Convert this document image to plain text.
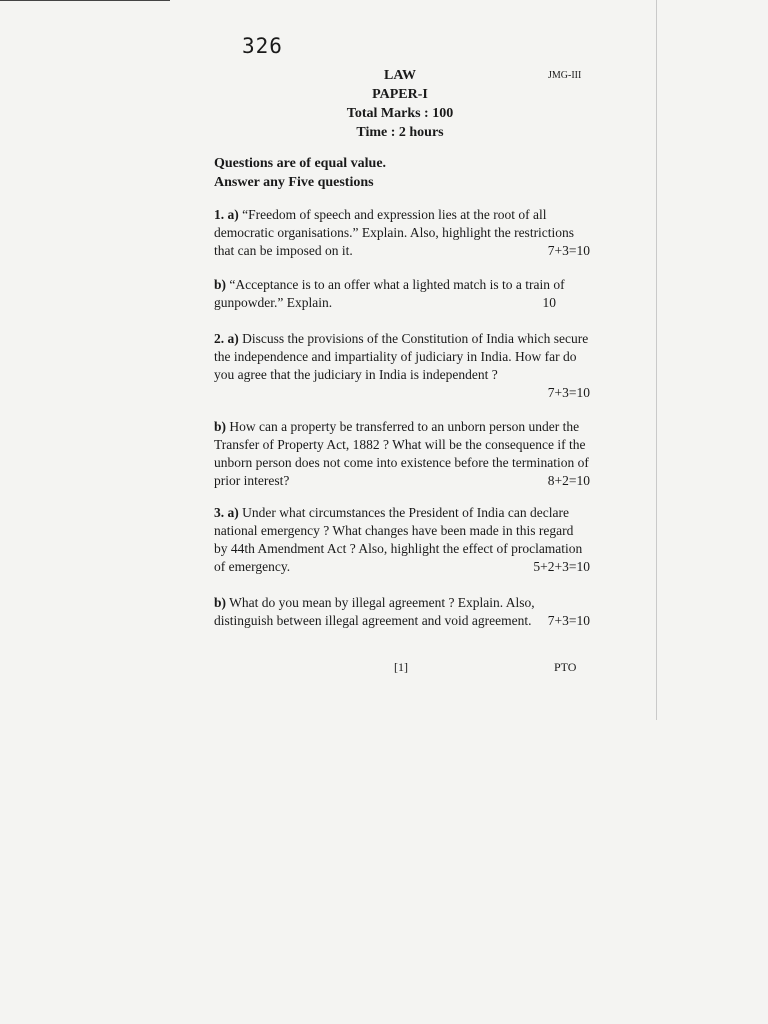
326
JMG-III
LAW
PAPER-I
Total Marks : 100
Time : 2 hours
Questions are of equal value.
Answer any Five questions
1. a) “Freedom of speech and expression lies at the root of all democratic organisations.” Explain. Also, highlight the restrictions that can be imposed on it.	7+3=10
b) “Acceptance is to an offer what a lighted match is to a train of gunpowder.” Explain.	10
2. a) Discuss the provisions of the Constitution of India which secure the independence and impartiality of judiciary in India. How far do you agree that the judiciary in India is independent ?
7+3=10
b) How can a property be transferred to an unborn person under the Transfer of Property Act, 1882 ? What will be the consequence if the unborn person does not come into existence before the termination of prior interest?	8+2=10
3. a) Under what circumstances the President of India can declare national emergency ? What changes have been made in this regard by 44th Amendment Act ? Also, highlight the effect of proclamation of emergency.	5+2+3=10
b) What do you mean by illegal agreement ? Explain. Also, distinguish between illegal agreement and void agreement. 7+3=10
[1]	PTO
